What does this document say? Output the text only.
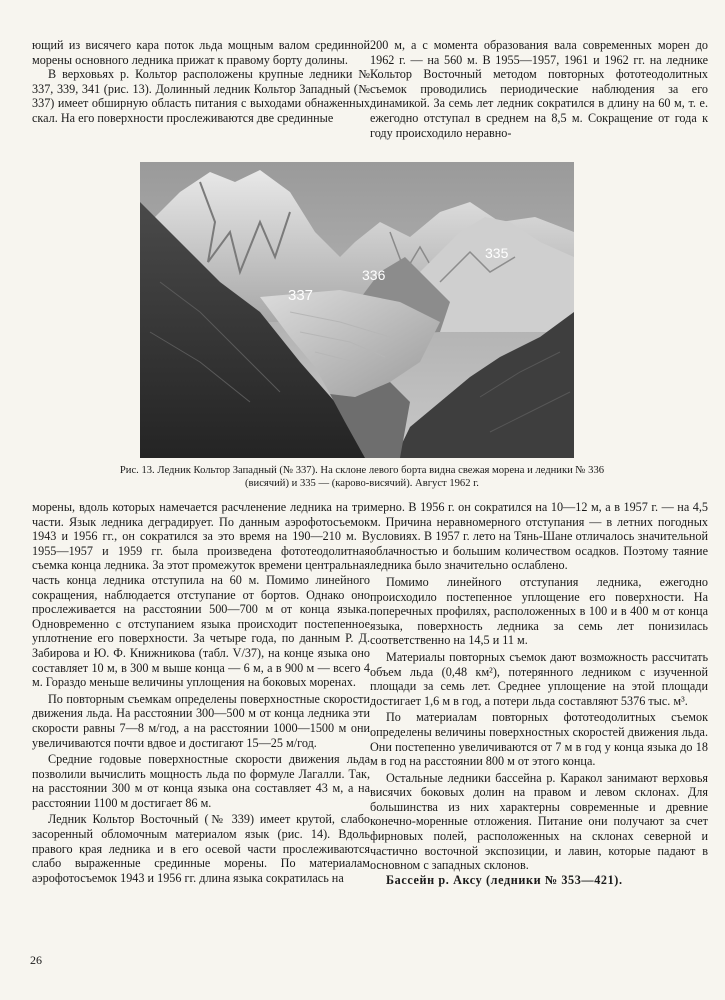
ющий из висячего кара поток льда мощным валом срединной морены основного ледника прижат к правому борту долины.

В верховьях р. Кольтор расположены крупные ледники № 337, 339, 341 (рис. 13). Долинный ледник Кольтор Западный (№ 337) имеет обширную область питания с выходами обнаженных скал. На его поверхности прослеживаются две срединные

200 м, а с момента образования вала современных морен до 1962 г. — на 560 м. В 1955—1957, 1961 и 1962 гг. на леднике Кольтор Восточный методом повторных фототеодолитных съемок проводились периодические наблюдения за его динамикой. За семь лет ледник сократился в длину на 60 м, т. е. ежегодно отступал в среднем на 8,5 м. Сокращение от года к году происходило неравно-

337
336
335
Рис. 13. Ледник Кольтор Западный (№ 337). На склоне левого борта видна свежая морена и ледники № 336 (висячий) и 335 — (карово-висячий). Август 1962 г.

морены, вдоль которых намечается расчленение ледника на три части. Язык ледника деградирует. По данным аэрофотосъемок 1943 и 1956 гг., он сократился за это время на 190—210 м. В 1955—1957 и 1959 гг. была произведена фототеодолитная съемка конца ледника. За этот промежуток времени центральная часть конца ледника отступила на 60 м. Помимо линейного сокращения, наблюдается отступание от бортов. Однако оно прослеживается на расстоянии 500—700 м от конца языка. Одновременно с отступанием языка происходит постепенное уплотнение его поверхности. За четыре года, по данным Р. Д. Забирова и Ю. Ф. Книжникова (табл. V/37), на конце языка оно составляет 10 м, в 300 м выше конца — 6 м, а в 900 м — всего 4 м. Гораздо меньше величины уплощения на боковых моренах.

По повторным съемкам определены поверхностные скорости движения льда. На расстоянии 300—500 м от конца ледника эти скорости равны 7—8 м/год, а на расстоянии 1000—1500 м они увеличиваются почти вдвое и достигают 15—25 м/год.

Средние годовые поверхностные скорости движения льда позволили вычислить мощность льда по формуле Лагалли. Так, на расстоянии 300 м от конца языка она составляет 43 м, а на расстоянии 1100 м достигает 86 м.

Ледник Кольтор Восточный (№ 339) имеет крутой, слабо засоренный обломочным материалом язык (рис. 14). Вдоль правого края ледника и в его осевой части прослеживаются слабо выраженные срединные морены. По материалам аэрофотосъемок 1943 и 1956 гг. длина языка сократилась на

мерно. В 1956 г. он сократился на 10—12 м, а в 1957 г. — на 4,5 м. Причина неравномерного отступания — в летних погодных условиях. В 1957 г. лето на Тянь-Шане отличалось значительной облачностью и большим количеством осадков. Поэтому таяние ледника было значительно ослаблено.

Помимо линейного отступания ледника, ежегодно происходило постепенное уплощение его поверхности. На поперечных профилях, расположенных в 100 и в 400 м от конца языка, поверхность ледника за семь лет понизилась соответственно на 14,5 и 11 м.

Материалы повторных съемок дают возможность рассчитать объем льда (0,48 км²), потерянного ледником с изученной площади за семь лет. Среднее уплощение на этой площади достигает 1,6 м в год, а потери льда составляют 5376 тыс. м³.

По материалам повторных фототеодолитных съемок определены величины поверхностных скоростей движения льда. Они постепенно увеличиваются от 7 м в год у конца языка до 18 м в год на расстоянии 800 м от этого конца.

Остальные ледники бассейна р. Каракол занимают верховья висячих боковых долин на правом и левом склонах. Для большинства из них характерны современные и древние конечно-моренные отложения. Питание они получают за счет фирновых полей, расположенных на склонах северной и частично восточной экспозиции, и лавин, которые падают в основном с западных склонов.

Бассейн р. Аксу (ледники № 353—421).

26
